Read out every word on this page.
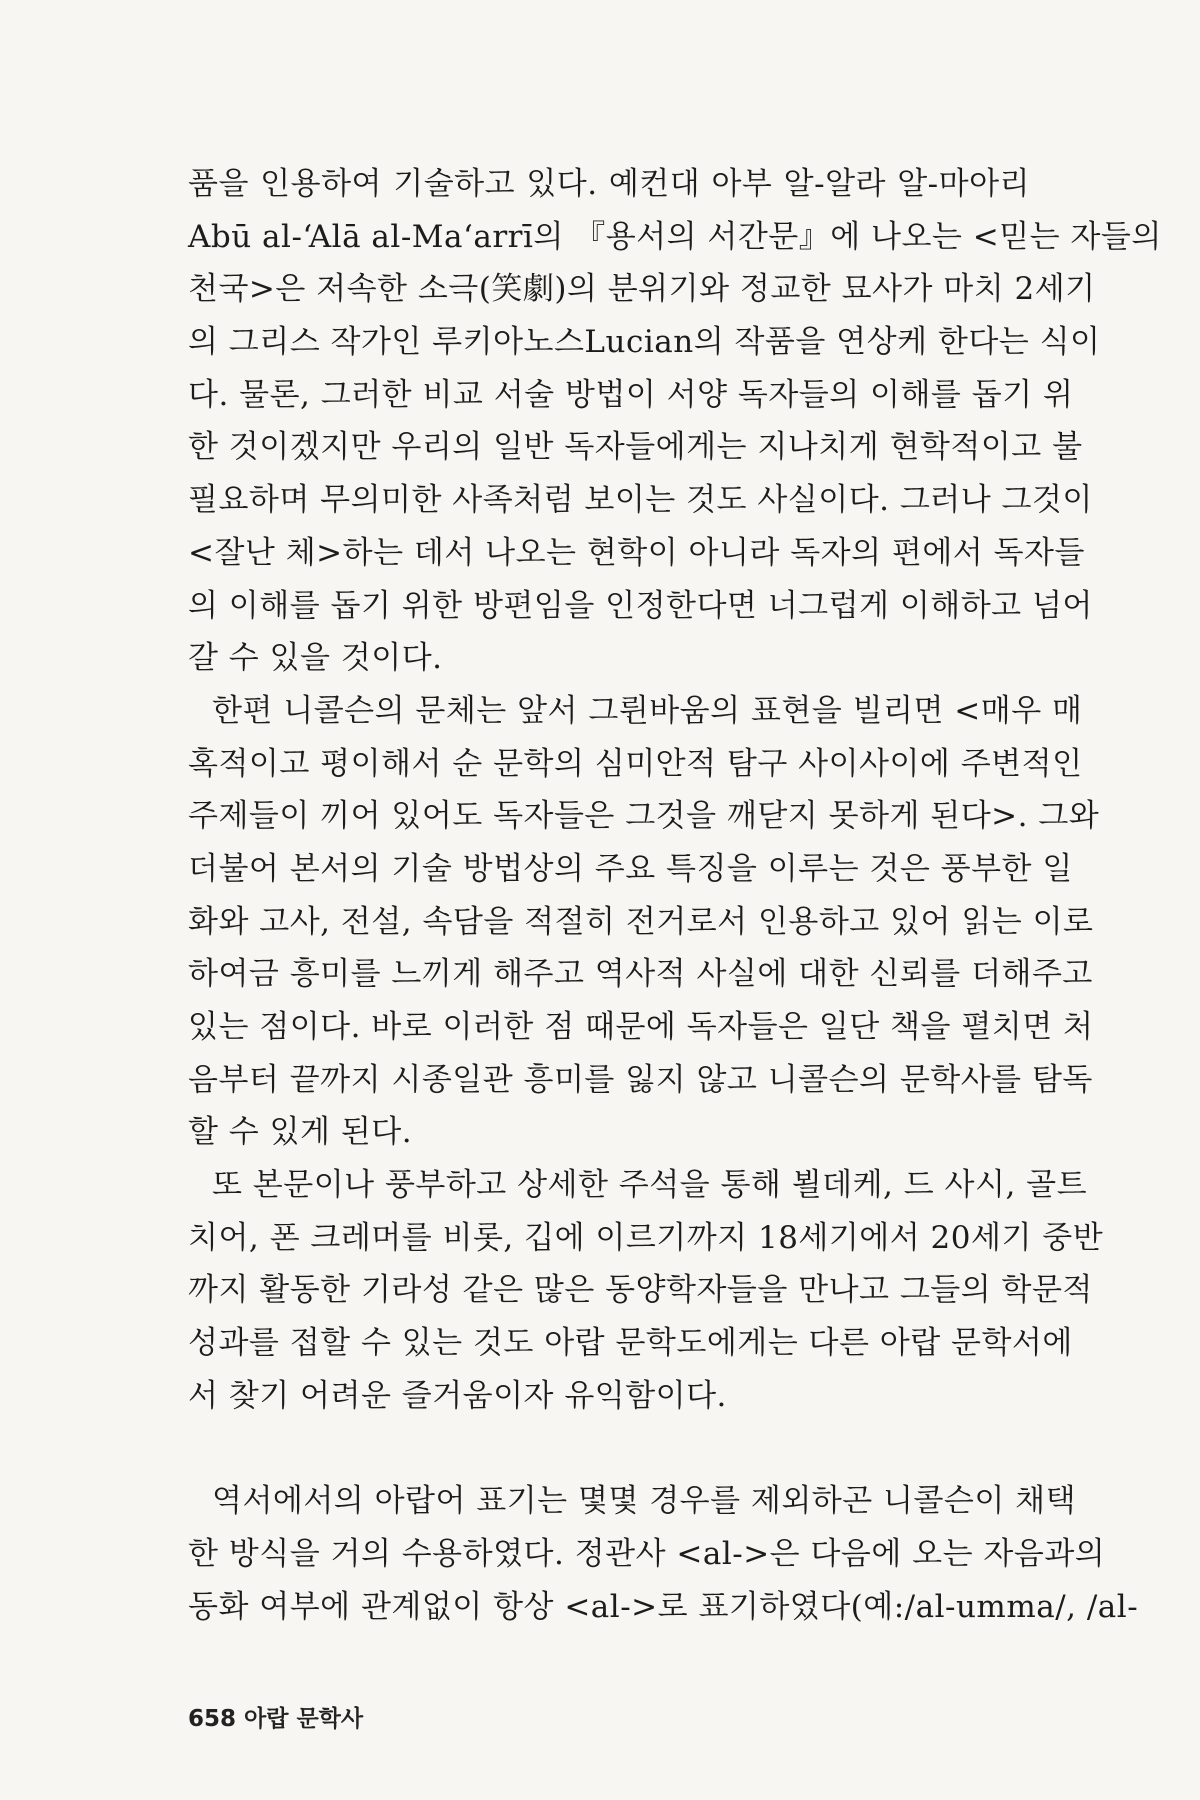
품을 인용하여 기술하고 있다. 예컨대 아부 알-알라 알-마아리
Abū al-‘Alā al-Ma‘arrī의 『용서의 서간문』에 나오는 <믿는 자들의
천국>은 저속한 소극(笑劇)의 분위기와 정교한 묘사가 마치 2세기
의 그리스 작가인 루키아노스Lucian의 작품을 연상케 한다는 식이
다. 물론, 그러한 비교 서술 방법이 서양 독자들의 이해를 돕기 위
한 것이겠지만 우리의 일반 독자들에게는 지나치게 현학적이고 불
필요하며 무의미한 사족처럼 보이는 것도 사실이다. 그러나 그것이
<잘난 체>하는 데서 나오는 현학이 아니라 독자의 편에서 독자들
의 이해를 돕기 위한 방편임을 인정한다면 너그럽게 이해하고 넘어
갈 수 있을 것이다.
한편 니콜슨의 문체는 앞서 그륀바움의 표현을 빌리면 <매우 매
혹적이고 평이해서 순 문학의 심미안적 탐구 사이사이에 주변적인
주제들이 끼어 있어도 독자들은 그것을 깨닫지 못하게 된다>. 그와
더불어 본서의 기술 방법상의 주요 특징을 이루는 것은 풍부한 일
화와 고사, 전설, 속담을 적절히 전거로서 인용하고 있어 읽는 이로
하여금 흥미를 느끼게 해주고 역사적 사실에 대한 신뢰를 더해주고
있는 점이다. 바로 이러한 점 때문에 독자들은 일단 책을 펼치면 처
음부터 끝까지 시종일관 흥미를 잃지 않고 니콜슨의 문학사를 탐독
할 수 있게 된다.
또 본문이나 풍부하고 상세한 주석을 통해 뵐데케, 드 사시, 골트
치어, 폰 크레머를 비롯, 깁에 이르기까지 18세기에서 20세기 중반
까지 활동한 기라성 같은 많은 동양학자들을 만나고 그들의 학문적
성과를 접할 수 있는 것도 아랍 문학도에게는 다른 아랍 문학서에
서 찾기 어려운 즐거움이자 유익함이다.
역서에서의 아랍어 표기는 몇몇 경우를 제외하곤 니콜슨이 채택
한 방식을 거의 수용하였다. 정관사 <al->은 다음에 오는 자음과의
동화 여부에 관계없이 항상 <al->로 표기하였다(예:/al-umma/, /al-
658 아랍 문학사
